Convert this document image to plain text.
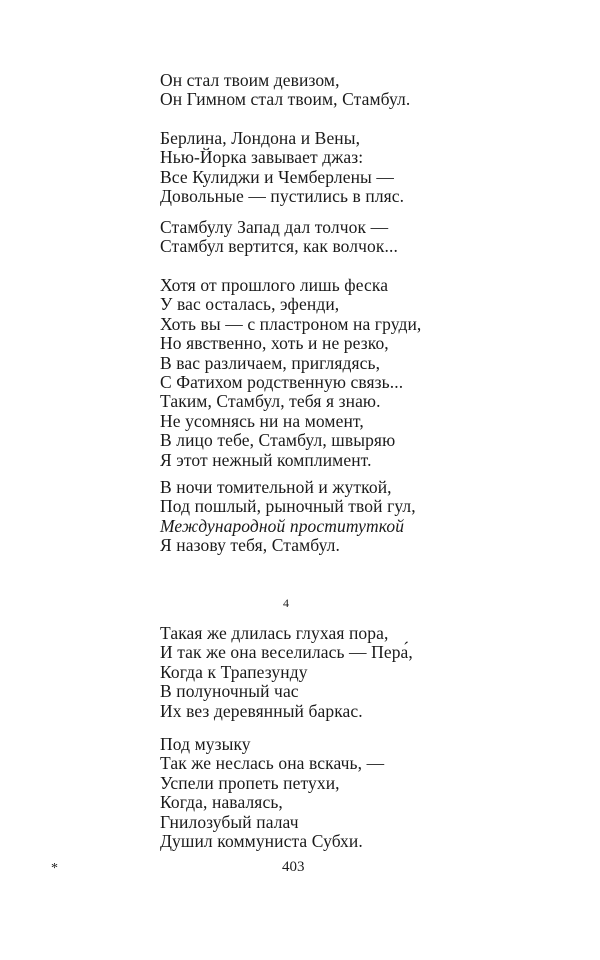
Он стал твоим девизом,
Он Гимном стал твоим, Стамбул.
Берлина, Лондона и Вены,
Нью-Йорка завывает джаз:
Все Кулиджи и Чемберлены —
Довольные — пустились в пляс.
Стамбулу Запад дал толчок —
Стамбул вертится, как волчок...
Хотя от прошлого лишь феска
У вас осталась, эфенди,
Хоть вы — с пластроном на груди,
Но явственно, хоть и не резко,
В вас различаем, приглядясь,
С Фатихом родственную связь...
Таким, Стамбул, тебя я знаю.
Не усомнясь ни на момент,
В лицо тебе, Стамбул, швыряю
Я этот нежный комплимент.
В ночи томительной и жуткой,
Под пошлый, рыночный твой гул,
Международной проституткой
Я назову тебя, Стамбул.
4
Такая же длилась глухая пора,
И так же она веселилась — Пера́,
Когда к Трапезунду
В полуночный час
Их вез деревянный баркас.
Под музыку
Так же неслась она вскачь, —
Успели пропеть петухи,
Когда, навалясь,
Гнилозубый палач
Душил коммуниста Субхи.
*	403
